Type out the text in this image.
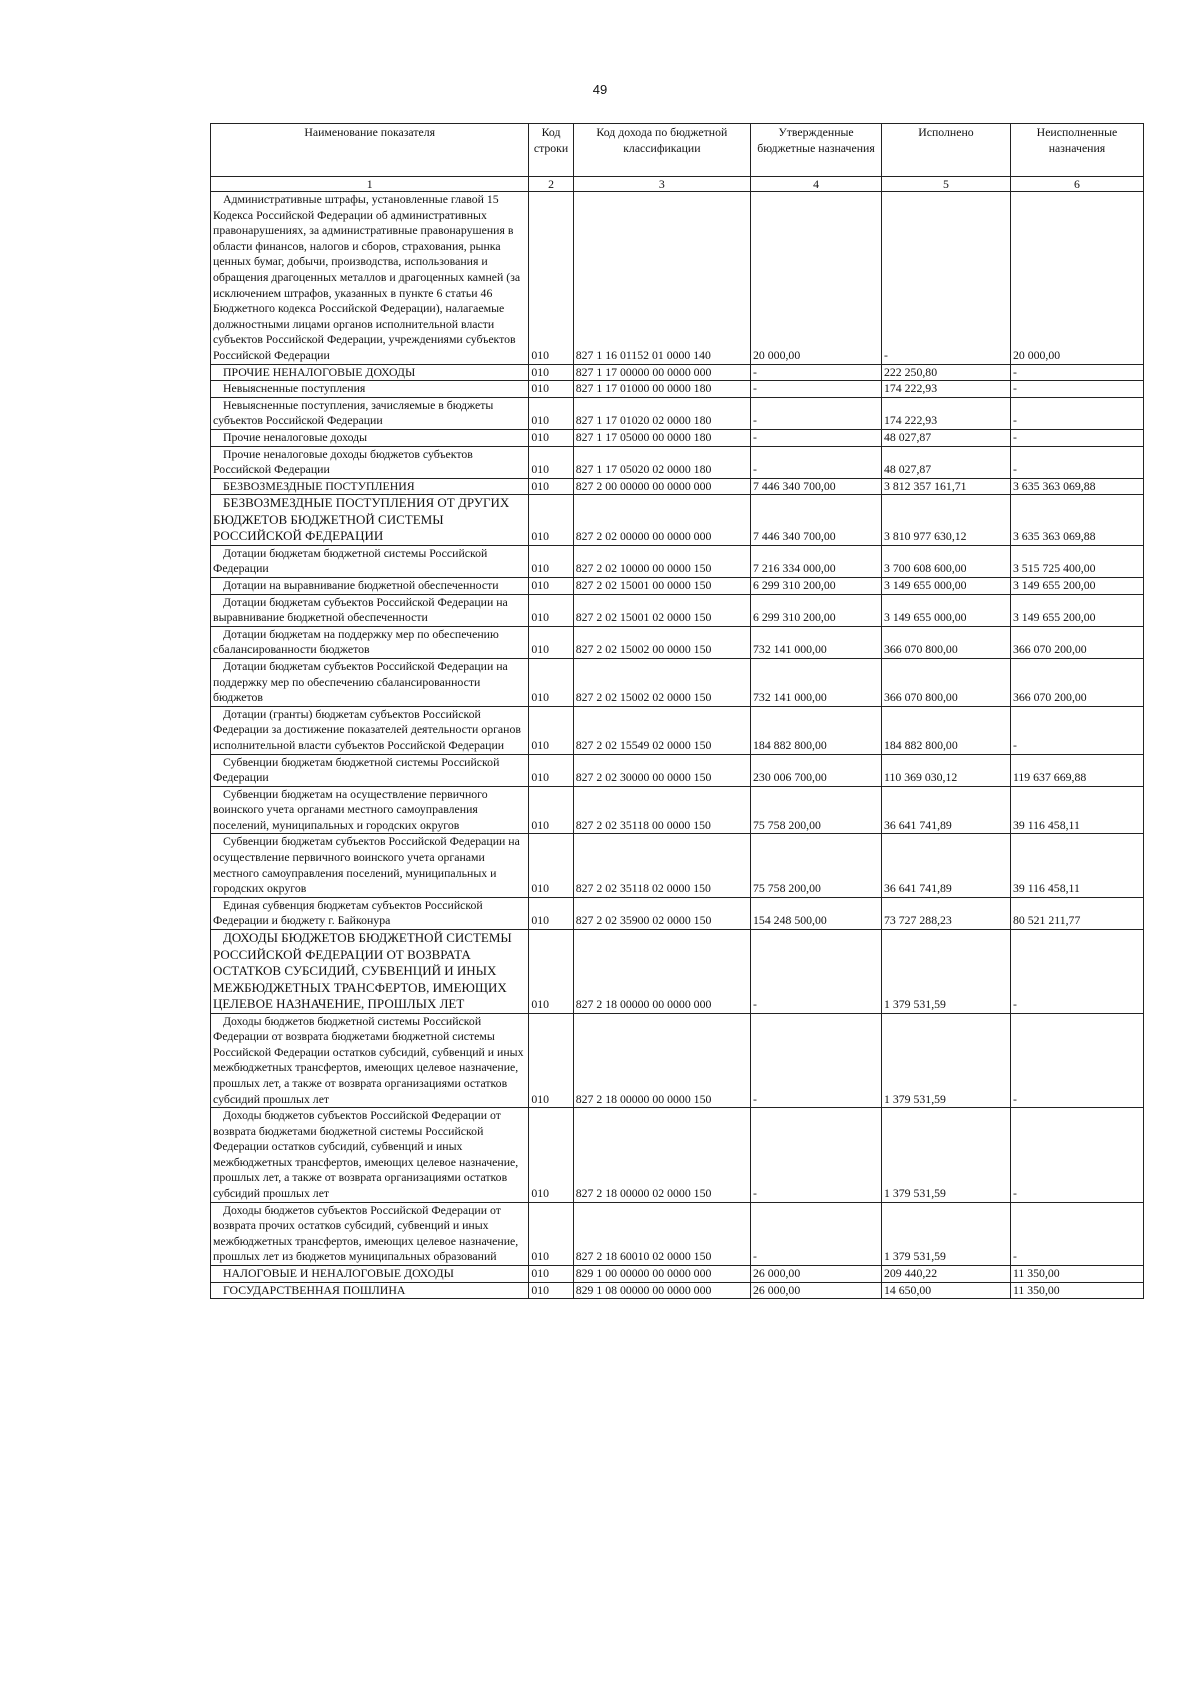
49
Наименование показателя	Код строки	Код дохода по бюджетной классификации	Утвержденные бюджетные назначения	Исполнено	Неисполненные назначения
1	2	3	4	5	6
Административные штрафы, установленные главой 15 Кодекса Российской Федерации об административных правонарушениях, за административные правонарушения в области финансов, налогов и сборов, страхования, рынка ценных бумаг, добычи, производства, использования и обращения драгоценных металлов и драгоценных камней (за исключением штрафов, указанных в пункте 6 статьи 46 Бюджетного кодекса Российской Федерации), налагаемые должностными лицами органов исполнительной власти субъектов Российской Федерации, учреждениями субъектов Российской Федерации	010	827 1 16 01152 01 0000 140	20 000,00	-	20 000,00
ПРОЧИЕ НЕНАЛОГОВЫЕ ДОХОДЫ	010	827 1 17 00000 00 0000 000	-	222 250,80	-
Невыясненные поступления	010	827 1 17 01000 00 0000 180	-	174 222,93	-
Невыясненные поступления, зачисляемые в бюджеты субъектов Российской Федерации	010	827 1 17 01020 02 0000 180	-	174 222,93	-
Прочие неналоговые доходы	010	827 1 17 05000 00 0000 180	-	48 027,87	-
Прочие неналоговые доходы бюджетов субъектов Российской Федерации	010	827 1 17 05020 02 0000 180	-	48 027,87	-
БЕЗВОЗМЕЗДНЫЕ ПОСТУПЛЕНИЯ	010	827 2 00 00000 00 0000 000	7 446 340 700,00	3 812 357 161,71	3 635 363 069,88
БЕЗВОЗМЕЗДНЫЕ ПОСТУПЛЕНИЯ ОТ ДРУГИХ БЮДЖЕТОВ БЮДЖЕТНОЙ СИСТЕМЫ РОССИЙСКОЙ ФЕДЕРАЦИИ	010	827 2 02 00000 00 0000 000	7 446 340 700,00	3 810 977 630,12	3 635 363 069,88
Дотации бюджетам бюджетной системы Российской Федерации	010	827 2 02 10000 00 0000 150	7 216 334 000,00	3 700 608 600,00	3 515 725 400,00
Дотации на выравнивание бюджетной обеспеченности	010	827 2 02 15001 00 0000 150	6 299 310 200,00	3 149 655 000,00	3 149 655 200,00
Дотации бюджетам субъектов Российской Федерации на выравнивание бюджетной обеспеченности	010	827 2 02 15001 02 0000 150	6 299 310 200,00	3 149 655 000,00	3 149 655 200,00
Дотации бюджетам на поддержку мер по обеспечению сбалансированности бюджетов	010	827 2 02 15002 00 0000 150	732 141 000,00	366 070 800,00	366 070 200,00
Дотации бюджетам субъектов Российской Федерации на поддержку мер по обеспечению сбалансированности бюджетов	010	827 2 02 15002 02 0000 150	732 141 000,00	366 070 800,00	366 070 200,00
Дотации (гранты) бюджетам субъектов Российской Федерации за достижение показателей деятельности органов исполнительной власти субъектов Российской Федерации	010	827 2 02 15549 02 0000 150	184 882 800,00	184 882 800,00	-
Субвенции бюджетам бюджетной системы Российской Федерации	010	827 2 02 30000 00 0000 150	230 006 700,00	110 369 030,12	119 637 669,88
Субвенции бюджетам на осуществление первичного воинского учета органами местного самоуправления поселений, муниципальных и городских округов	010	827 2 02 35118 00 0000 150	75 758 200,00	36 641 741,89	39 116 458,11
Субвенции бюджетам субъектов Российской Федерации на осуществление первичного воинского учета органами местного самоуправления поселений, муниципальных и городских округов	010	827 2 02 35118 02 0000 150	75 758 200,00	36 641 741,89	39 116 458,11
Единая субвенция бюджетам субъектов Российской Федерации и бюджету г. Байконура	010	827 2 02 35900 02 0000 150	154 248 500,00	73 727 288,23	80 521 211,77
ДОХОДЫ БЮДЖЕТОВ БЮДЖЕТНОЙ СИСТЕМЫ РОССИЙСКОЙ ФЕДЕРАЦИИ ОТ ВОЗВРАТА ОСТАТКОВ СУБСИДИЙ, СУБВЕНЦИЙ И ИНЫХ МЕЖБЮДЖЕТНЫХ ТРАНСФЕРТОВ, ИМЕЮЩИХ ЦЕЛЕВОЕ НАЗНАЧЕНИЕ, ПРОШЛЫХ ЛЕТ	010	827 2 18 00000 00 0000 000	-	1 379 531,59	-
Доходы бюджетов бюджетной системы Российской Федерации от возврата бюджетами бюджетной системы Российской Федерации остатков субсидий, субвенций и иных межбюджетных трансфертов, имеющих целевое назначение, прошлых лет, а также от возврата организациями остатков субсидий прошлых лет	010	827 2 18 00000 00 0000 150	-	1 379 531,59	-
Доходы бюджетов субъектов Российской Федерации от возврата бюджетами бюджетной системы Российской Федерации остатков субсидий, субвенций и иных межбюджетных трансфертов, имеющих целевое назначение, прошлых лет, а также от возврата организациями остатков субсидий прошлых лет	010	827 2 18 00000 02 0000 150	-	1 379 531,59	-
Доходы бюджетов субъектов Российской Федерации от возврата прочих остатков субсидий, субвенций и иных межбюджетных трансфертов, имеющих целевое назначение, прошлых лет из бюджетов муниципальных образований	010	827 2 18 60010 02 0000 150	-	1 379 531,59	-
НАЛОГОВЫЕ И НЕНАЛОГОВЫЕ ДОХОДЫ	010	829 1 00 00000 00 0000 000	26 000,00	209 440,22	11 350,00
ГОСУДАРСТВЕННАЯ ПОШЛИНА	010	829 1 08 00000 00 0000 000	26 000,00	14 650,00	11 350,00
